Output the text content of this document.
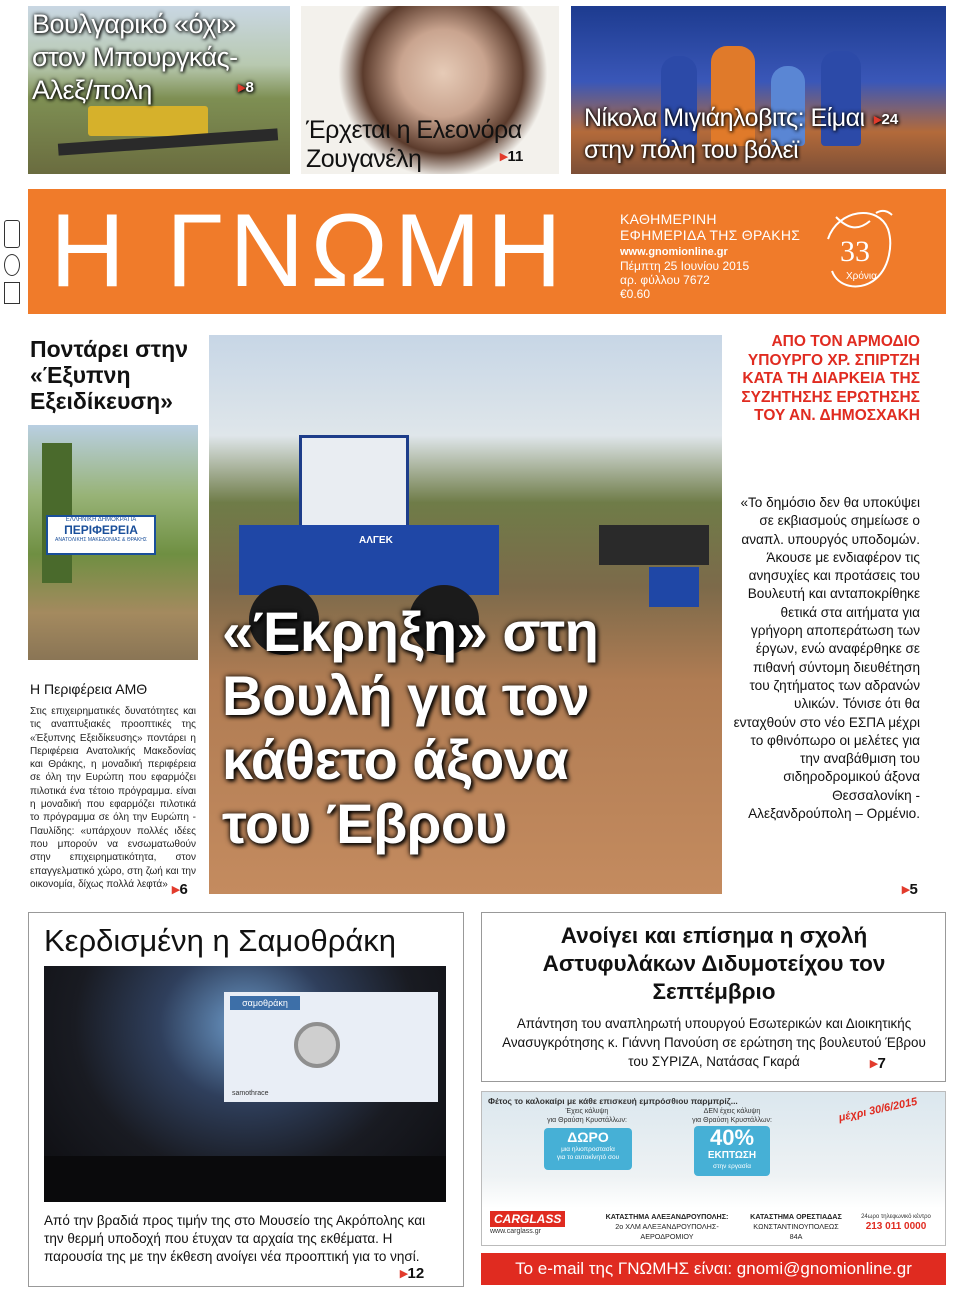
Βουλγαρικό «όχι» στον Μπουργκάς-Αλεξ/πολη	▸8
Έρχεται η Ελεονόρα Ζουγανέλη	▸11
Νίκολα Μιγιάηλοβιτς: Είμαι στην πόλη του βόλεϊ
▸24
Η ΓΝΩΜΗ	ΚΑΘΗΜΕΡΙΝΗ
ΕΦΗΜΕΡΙΔΑ ΤΗΣ ΘΡΑΚΗΣ
www.gnomionline.gr
Πέμπτη 25 Ιουνίου 2015
αρ. φύλλου 7672
€0.60
33
Χρόνια
Ποντάρει στην «Έξυπνη Εξειδίκευση»
ΕΛΛΗΝΙΚΗ ΔΗΜΟΚΡΑΤΙΑ
ΠΕΡΙΦΕΡΕΙΑ
ΑΝΑΤΟΛΙΚΗΣ ΜΑΚΕΔΟΝΙΑΣ & ΘΡΑΚΗΣ
Η Περιφέρεια ΑΜΘ
Στις επιχειρηματικές δυνατότητες και τις αναπτυξιακές προοπτικές της «Έξυπνης Εξειδίκευσης» ποντάρει η Περιφέρεια Ανατολικής Μακεδονίας και Θράκης, η μοναδική περιφέρεια σε όλη την Ευρώπη που εφαρμόζει πιλοτικά ένα τέτοιο πρόγραμμα. είναι η μοναδική που εφαρμόζει πιλοτικά το πρόγραμμα σε όλη την Ευρώπη - Παυλίδης: «υπάρχουν πολλές ιδέες που μπορούν να ενσωματωθούν στην επιχειρηματικότητα, στον επαγγελματικό χώρο, στη ζωή και την οικονομία, δίχως πολλά λεφτά» ▸6
ΑΛΓΕΚ
«Έκρηξη» στη
Βουλή για τον
κάθετο άξονα
του Έβρου
ΑΠΟ ΤΟΝ ΑΡΜΟΔΙΟ ΥΠΟΥΡΓΟ ΧΡ. ΣΠΙΡΤΖΗ ΚΑΤΑ ΤΗ ΔΙΑΡΚΕΙΑ ΤΗΣ ΣΥΖΗΤΗΣΗΣ ΕΡΩΤΗΣΗΣ ΤΟΥ ΑΝ. ΔΗΜΟΣΧΑΚΗ
«Το δημόσιο δεν θα υποκύψει σε εκβιασμούς σημείωσε ο αναπλ. υπουργός υποδομών. Άκουσε με ενδιαφέρον τις ανησυχίες και προτάσεις του Βουλευτή και ανταποκρίθηκε θετικά στα αιτήματα για γρήγορη αποπεράτωση των έργων, ενώ αναφέρθηκε σε πιθανή σύντομη διευθέτηση του ζητήματος των αδρανών υλικών. Τόνισε ότι θα ενταχθούν στο νέο ΕΣΠΑ μέχρι το φθινόπωρο οι μελέτες για την αναβάθμιση του σιδηροδρομικού άξονα Θεσσαλονίκη - Αλεξανδρούπολη – Ορμένιο.
▸5
Κερδισμένη η Σαμοθράκη
σαμοθράκη
samothrace
Από την βραδιά προς τιμήν της στο Μουσείο της Ακρόπολης και την θερμή υποδοχή που έτυχαν τα αρχαία της εκθέματα. Η παρουσία της με την έκθεση ανοίγει νέα προοπτική για το νησί.
▸12
Ανοίγει και επίσημα η σχολή Αστυφυλάκων Διδυμοτείχου τον Σεπτέμβριο
Απάντηση του αναπληρωτή υπουργού Εσωτερικών και Διοικητικής Ανασυγκρότησης κ. Γιάννη Πανούση σε ερώτηση της βουλευτού Έβρου του ΣΥΡΙΖΑ, Νατάσας Γκαρά	▸7
Φέτος το καλοκαίρι με κάθε επισκευή εμπρόσθιου παρμπρίζ...
Έχεις κάλυψη
για Θραύση Κρυστάλλων:
ΔΩΡΟ
μια ηλιοπροστασία
για το αυτοκίνητό σου
ΔΕΝ έχεις κάλυψη
για Θραύση Κρυστάλλων:
40%
ΕΚΠΤΩΣΗ
στην εργασία
μέχρι 30/6/2015
CARGLASS
www.carglass.gr
ΚΑΤΑΣΤΗΜΑ ΑΛΕΞΑΝΔΡΟΥΠΟΛΗΣ:
2ο ΧΛΜ ΑΛΕΞΑΝΔΡΟΥΠΟΛΗΣ-ΑΕΡΟΔΡΟΜΙΟΥ
ΚΑΤΑΣΤΗΜΑ ΟΡΕΣΤΙΑΔΑΣ
ΚΩΝΣΤΑΝΤΙΝΟΥΠΟΛΕΩΣ 84Α
24ωρο τηλεφωνικό κέντρο
213 011 0000
Το e-mail της ΓΝΩΜΗΣ είναι: gnomi@gnomionline.gr
